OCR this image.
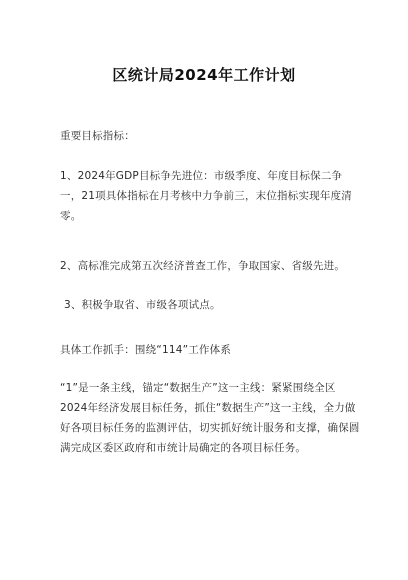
区统计局2024年工作计划
重要目标指标：
1、2024年GDP目标争先进位：市级季度、年度目标保二争一，21项具体指标在月考核中力争前三，末位指标实现年度清零。
2、高标准完成第五次经济普查工作，争取国家、省级先进。
3、积极争取省、市级各项试点。
具体工作抓手：围绕“114”工作体系
“1”是一条主线，锚定“数据生产”这一主线：紧紧围绕全区2024年经济发展目标任务，抓住“数据生产”这一主线，全力做好各项目标任务的监测评估，切实抓好统计服务和支撑，确保圆满完成区委区政府和市统计局确定的各项目标任务。
